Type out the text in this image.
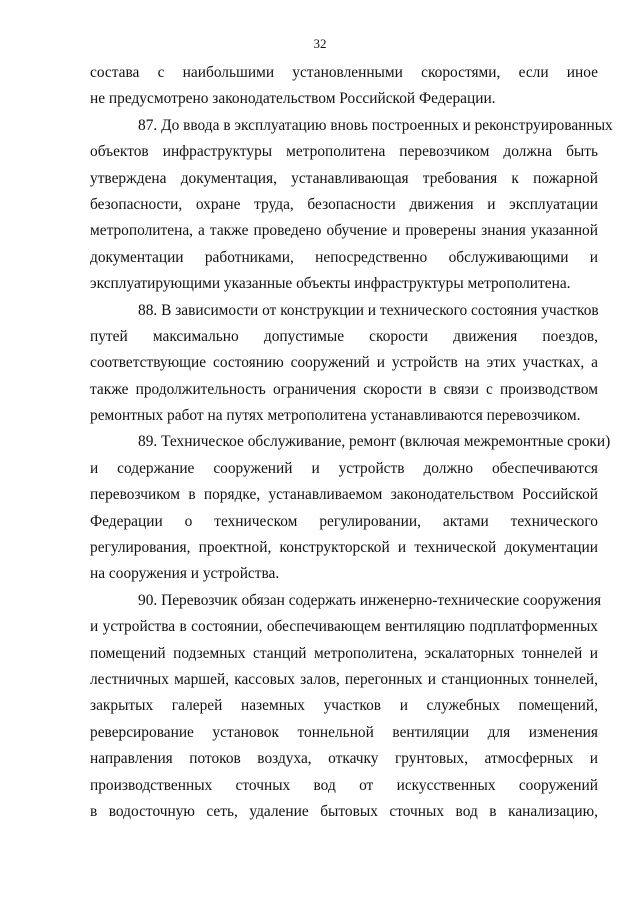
32
состава с наибольшими установленными скоростями, если иное
не предусмотрено законодательством Российской Федерации.
87. До ввода в эксплуатацию вновь построенных и реконструированных
объектов инфраструктуры метрополитена перевозчиком должна быть
утверждена документация, устанавливающая требования к пожарной
безопасности, охране труда, безопасности движения и эксплуатации
метрополитена, а также проведено обучение и проверены знания указанной
документации работниками, непосредственно обслуживающими и
эксплуатирующими указанные объекты инфраструктуры метрополитена.
88. В зависимости от конструкции и технического состояния участков
путей максимально допустимые скорости движения поездов,
соответствующие состоянию сооружений и устройств на этих участках, а
также продолжительность ограничения скорости в связи с производством
ремонтных работ на путях метрополитена устанавливаются перевозчиком.
89. Техническое обслуживание, ремонт (включая межремонтные сроки)
и содержание сооружений и устройств должно обеспечиваются
перевозчиком в порядке, устанавливаемом законодательством Российской
Федерации о техническом регулировании, актами технического
регулирования, проектной, конструкторской и технической документации
на сооружения и устройства.
90. Перевозчик обязан содержать инженерно-технические сооружения
и устройства в состоянии, обеспечивающем вентиляцию подплатформенных
помещений подземных станций метрополитена, эскалаторных тоннелей и
лестничных маршей, кассовых залов, перегонных и станционных тоннелей,
закрытых галерей наземных участков и служебных помещений,
реверсирование установок тоннельной вентиляции для изменения
направления потоков воздуха, откачку грунтовых, атмосферных и
производственных сточных вод от искусственных сооружений
в водосточную сеть, удаление бытовых сточных вод в канализацию,
